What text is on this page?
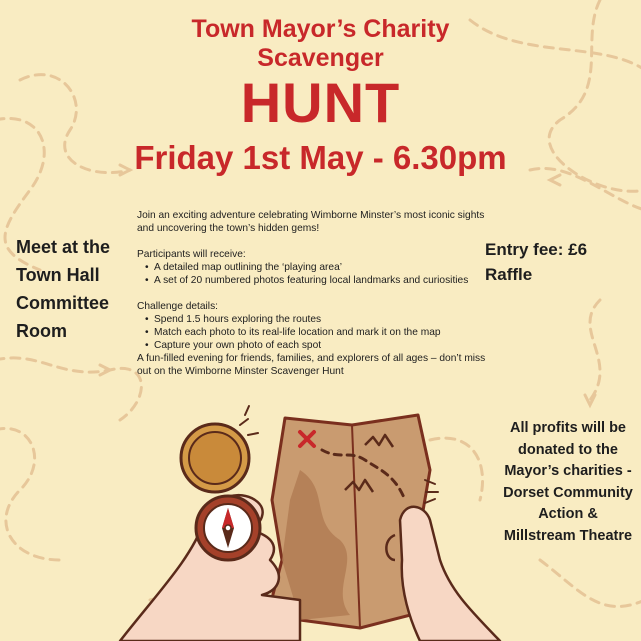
Town Mayor’s Charity
Scavenger
HUNT
Friday 1st May - 6.30pm
Meet at the Town Hall Committee Room
Entry fee: £6
Raffle

Join an exciting adventure celebrating Wimborne Minster’s most iconic sights and uncovering the town’s hidden gems!

Participants will receive:

• A detailed map outlining the ‘playing area’
• A set of 20 numbered photos featuring local landmarks and curiosities

Challenge details:

• Spend 1.5 hours exploring the routes
• Match each photo to its real-life location and mark it on the map
• Capture your own photo of each spot

A fun-filled evening for friends, families, and explorers of all ages – don’t miss out on the Wimborne Minster Scavenger Hunt

All profits will be donated to the Mayor’s charities - Dorset Community Action & Millstream Theatre
